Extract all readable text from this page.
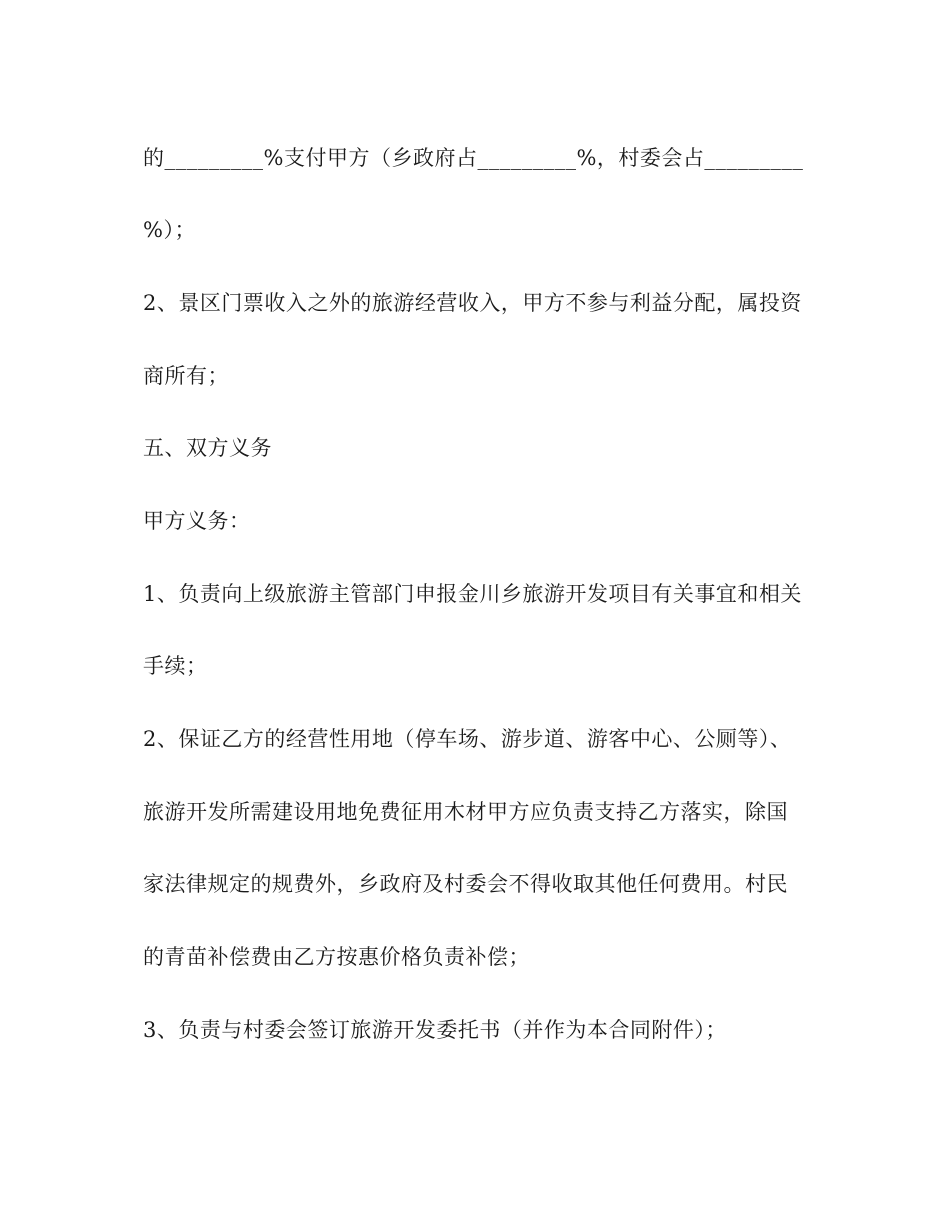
的_________%支付甲方（乡政府占_________%，村委会占_________

%）；

2、景区门票收入之外的旅游经营收入，甲方不参与利益分配，属投资

商所有；

五、双方义务

甲方义务：

1、负责向上级旅游主管部门申报金川乡旅游开发项目有关事宜和相关

手续；

2、保证乙方的经营性用地（停车场、游步道、游客中心、公厕等）、

旅游开发所需建设用地免费征用木材甲方应负责支持乙方落实，除国

家法律规定的规费外，乡政府及村委会不得收取其他任何费用。村民

的青苗补偿费由乙方按惠价格负责补偿；

3、负责与村委会签订旅游开发委托书（并作为本合同附件）；
